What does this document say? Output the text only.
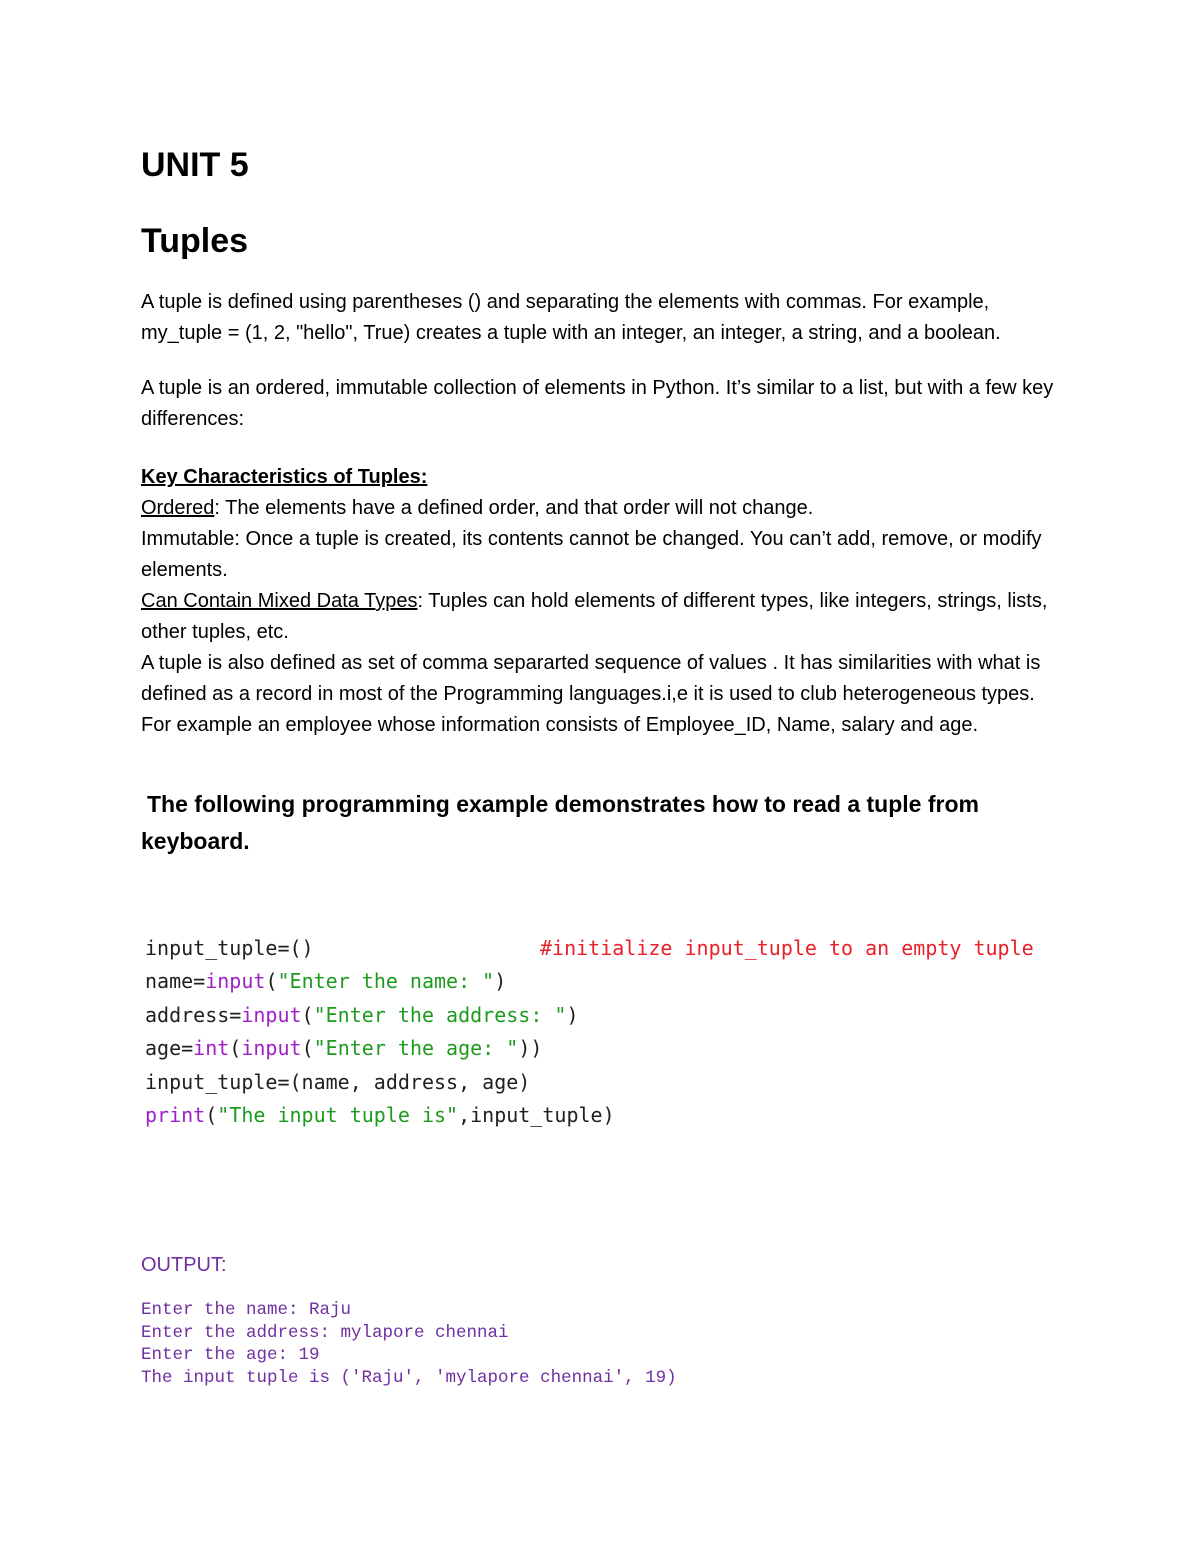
UNIT 5
Tuples
A tuple is defined using parentheses () and separating the elements with commas. For example, my_tuple = (1, 2, "hello", True) creates a tuple with an integer, an integer, a string, and a boolean.
A tuple is an ordered, immutable collection of elements in Python. It’s similar to a list, but with a few key differences:

Key Characteristics of Tuples:

Ordered: The elements have a defined order, and that order will not change.

Immutable: Once a tuple is created, its contents cannot be changed. You can’t add, remove, or modify elements.

Can Contain Mixed Data Types: Tuples can hold elements of different types, like integers, strings, lists, other tuples, etc.

A tuple is also defined as set of comma separarted sequence of values . It has similarities with what is defined as a record in most of the Programming languages.i,e it is used to club heterogeneous types. For example an employee whose information consists of Employee_ID, Name, salary and age.

The following programming example demonstrates how to read a tuple from keyboard.
input_tuple=()
name=input("Enter the name: ")
address=input("Enter the address: ")
age=int(input("Enter the age: "))
input_tuple=(name, address, age)
print("The input tuple is",input_tuple)
#initialize input_tuple to an empty tuple
OUTPUT:
Enter the name: Raju
Enter the address: mylapore chennai
Enter the age: 19
The input tuple is ('Raju', 'mylapore chennai', 19)
